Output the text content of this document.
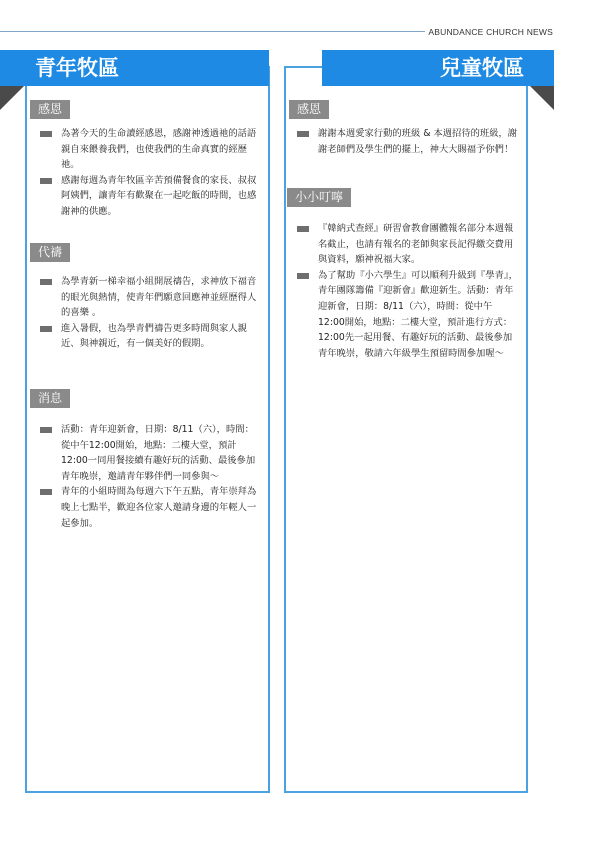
ABUNDANCE CHURCH NEWS
青年牧區	兒童牧區
感恩
為著今天的生命讀經感恩，感謝神透過祂的話語親自來餵養我們，也使我們的生命真實的經歷祂。
感謝每週為青年牧區辛苦預備餐食的家長、叔叔阿姨們，讓青年有歡聚在一起吃飯的時間，也感謝神的供應。
代禱
為學青新一梯幸福小組開展禱告，求神放下福音的眼光與熱情，使青年們願意回應神並經歷得人的喜樂 。
進入暑假，也為學青們禱告更多時間與家人親近、與神親近，有一個美好的假期。
消息
活動：青年迎新會，日期：8/11（六），時間：從中午12:00開始，地點：二樓大堂，預計12:00一同用餐接續有趣好玩的活動、最後參加青年晚崇，邀請青年夥伴們一同參與～
青年的小組時間為每週六下午五點，青年崇拜為晚上七點半，歡迎各位家人邀請身邊的年輕人一起參加。
感恩
謝謝本週愛家行動的班級 & 本週招待的班級，謝謝老師們及學生們的擺上，神大大賜福予你們！
小小叮嚀
『韓納式查經』研習會教會團體報名部分本週報名截止，也請有報名的老師與家長記得繳交費用與資料，願神祝福大家。
為了幫助『小六學生』可以順利升級到『學青』，青年團隊籌備『迎新會』歡迎新生。活動：青年迎新會，日期：8/11（六），時間：從中午12:00開始，地點：二樓大堂，預計進行方式：12:00先一起用餐、有趣好玩的活動、最後參加青年晚崇，敬請六年級學生預留時間參加喔～
